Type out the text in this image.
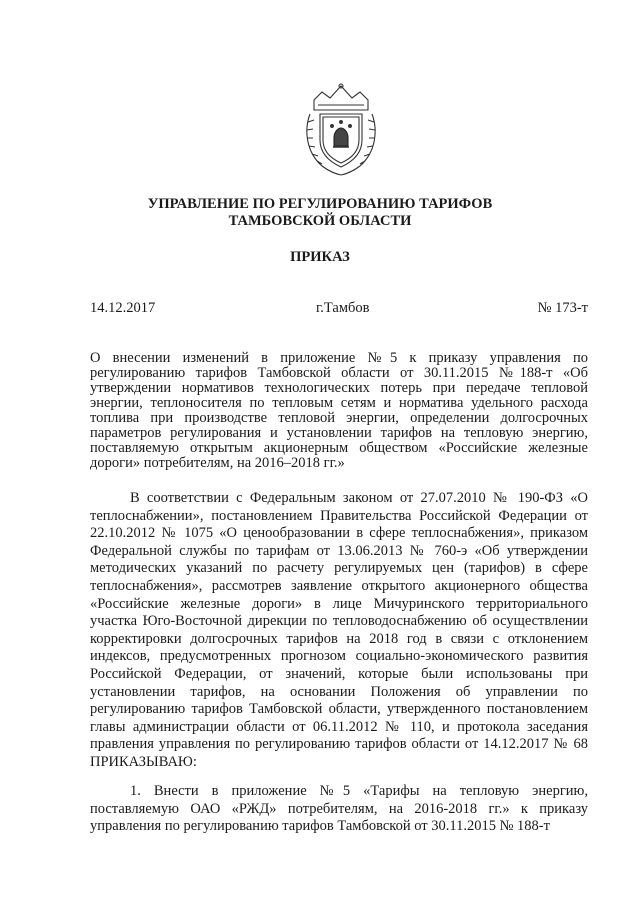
УПРАВЛЕНИЕ ПО РЕГУЛИРОВАНИЮ ТАРИФОВ ТАМБОВСКОЙ ОБЛАСТИ
ПРИКАЗ
14.12.2017	г.Тамбов	№ 173-т
О внесении изменений в приложение №5 к приказу управления по регулированию тарифов Тамбовской области от 30.11.2015 №188-т «Об утверждении нормативов технологических потерь при передаче тепловой энергии, теплоносителя по тепловым сетям и норматива удельного расхода топлива при производстве тепловой энергии, определении долгосрочных параметров регулирования и установлении тарифов на тепловую энергию, поставляемую открытым акционерным обществом «Российские железные дороги» потребителям, на 2016–2018 гг.»
В соответствии с Федеральным законом от 27.07.2010 № 190-ФЗ «О теплоснабжении», постановлением Правительства Российской Федерации от 22.10.2012 № 1075 «О ценообразовании в сфере теплоснабжения», приказом Федеральной службы по тарифам от 13.06.2013 № 760-э «Об утверждении методических указаний по расчету регулируемых цен (тарифов) в сфере теплоснабжения», рассмотрев заявление открытого акционерного общества «Российские железные дороги» в лице Мичуринского территориального участка Юго-Восточной дирекции по тепловодоснабжению об осуществлении корректировки долгосрочных тарифов на 2018 год в связи с отклонением индексов, предусмотренных прогнозом социально-экономического развития Российской Федерации, от значений, которые были использованы при установлении тарифов, на основании Положения об управлении по регулированию тарифов Тамбовской области, утвержденного постановлением главы администрации области от 06.11.2012 № 110, и протокола заседания правления управления по регулированию тарифов области от 14.12.2017 № 68 ПРИКАЗЫВАЮ:
1. Внести в приложение №5 «Тарифы на тепловую энергию, поставляемую ОАО «РЖД» потребителям, на 2016-2018 гг.» к приказу управления по регулированию тарифов Тамбовской от 30.11.2015 № 188-т
